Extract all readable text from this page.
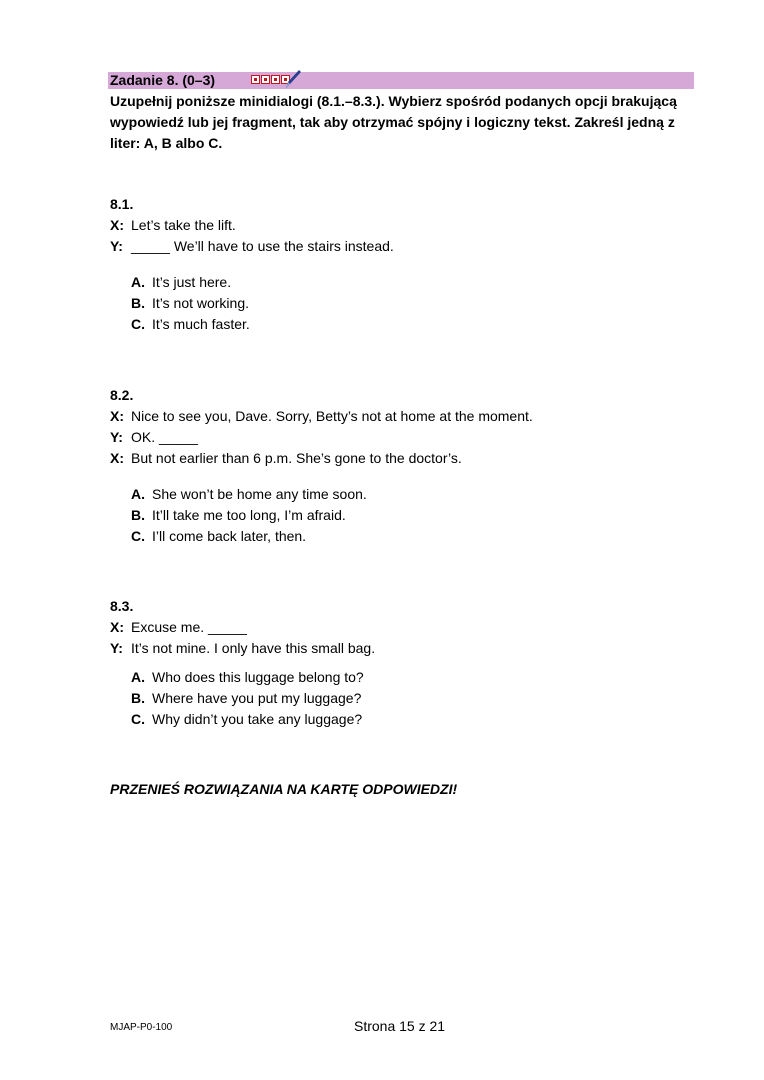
Zadanie 8. (0–3)
Uzupełnij poniższe minidialogi (8.1.–8.3.). Wybierz spośród podanych opcji brakującą wypowiedź lub jej fragment, tak aby otrzymać spójny i logiczny tekst. Zakreśl jedną z liter: A, B albo C.
8.1.
X: Let’s take the lift.
Y: _____ We’ll have to use the stairs instead.
A. It’s just here.
B. It’s not working.
C. It’s much faster.
8.2.
X: Nice to see you, Dave. Sorry, Betty’s not at home at the moment.
Y: OK. _____
X: But not earlier than 6 p.m. She’s gone to the doctor’s.
A. She won’t be home any time soon.
B. It’ll take me too long, I’m afraid.
C. I’ll come back later, then.
8.3.
X: Excuse me. _____
Y: It’s not mine. I only have this small bag.
A. Who does this luggage belong to?
B. Where have you put my luggage?
C. Why didn’t you take any luggage?
PRZENIEŚ ROZWIĄZANIA NA KARTĘ ODPOWIEDZI!
MJAP-P0-100	Strona 15 z 21
